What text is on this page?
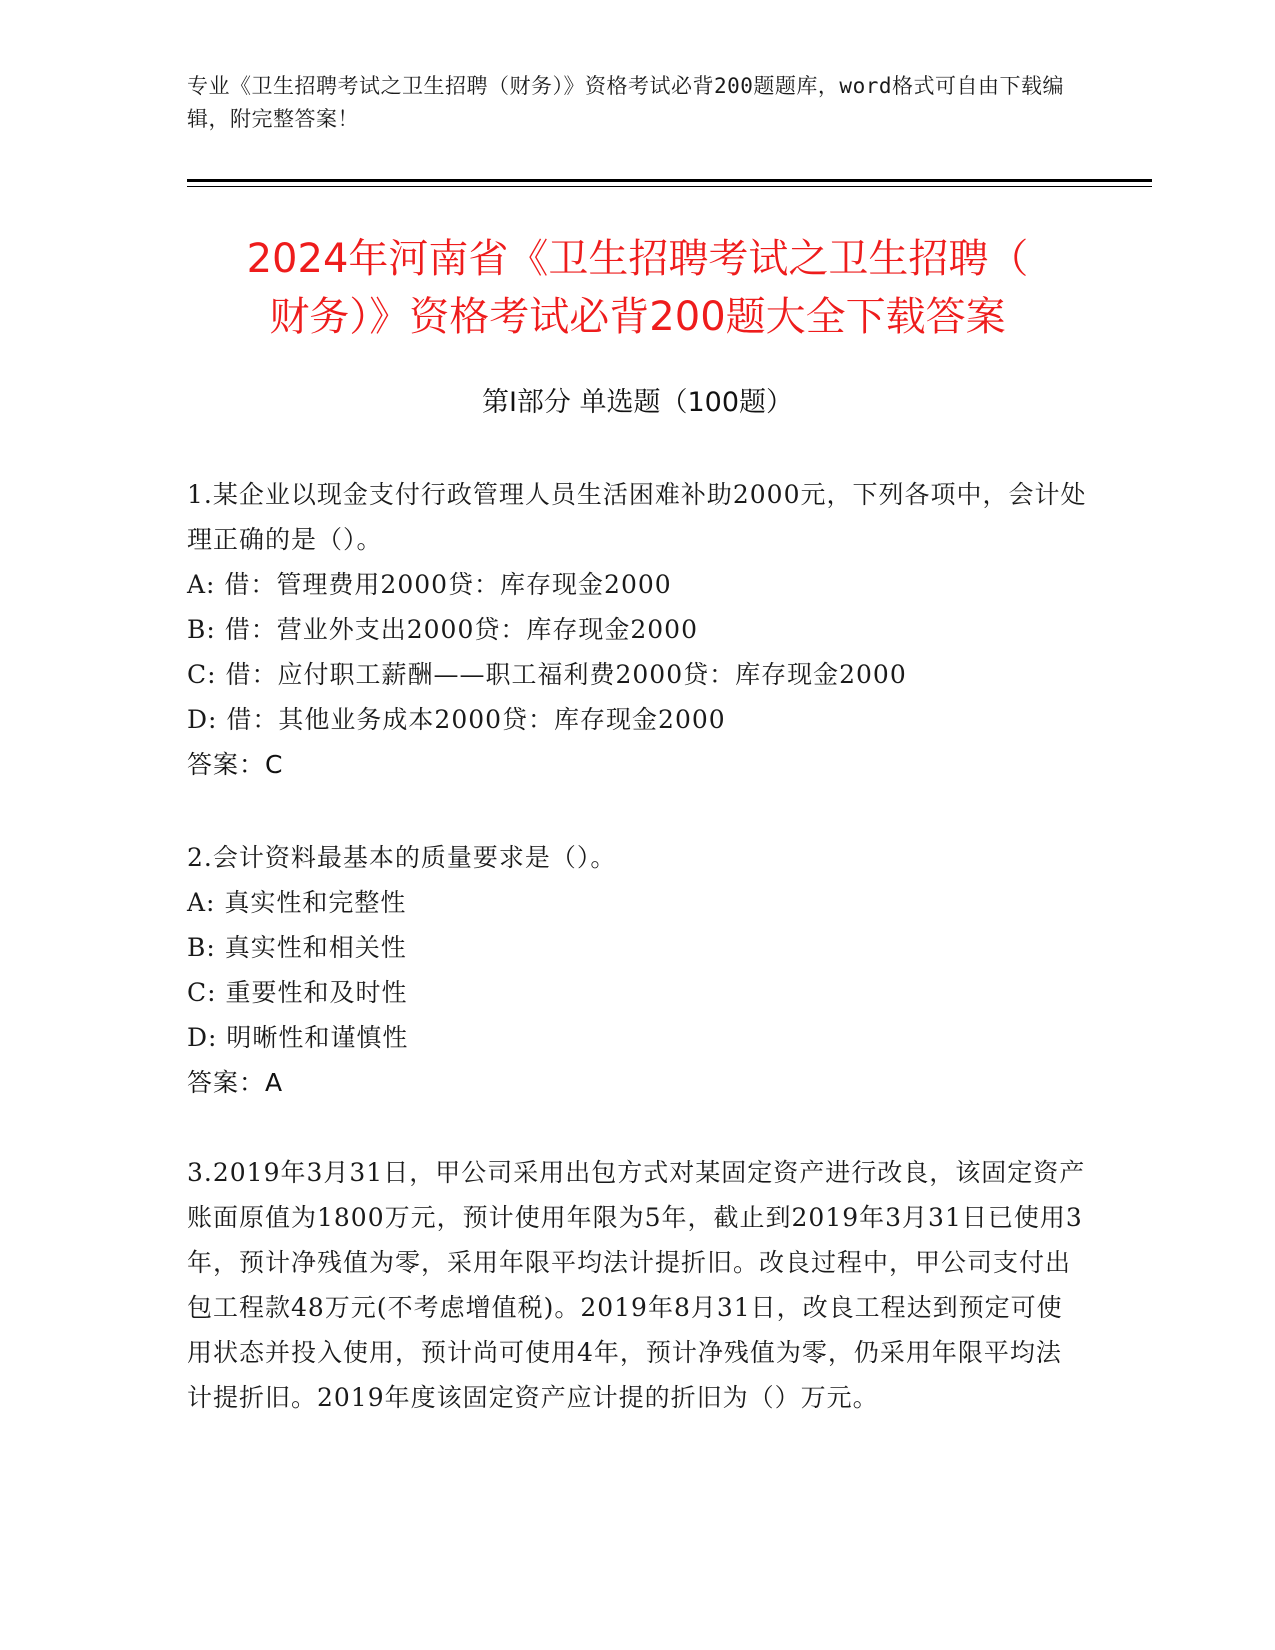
专业《卫生招聘考试之卫生招聘（财务）》资格考试必背200题题库，word格式可自由下载编辑，附完整答案！
2024年河南省《卫生招聘考试之卫生招聘（
财务）》资格考试必背200题大全下载答案
第I部分 单选题（100题）

1.某企业以现金支付行政管理人员生活困难补助2000元，下列各项中，会计处理正确的是（）。

A: 借：管理费用2000贷：库存现金2000

B: 借：营业外支出2000贷：库存现金2000

C: 借：应付职工薪酬——职工福利费2000贷：库存现金2000

D: 借：其他业务成本2000贷：库存现金2000

答案：C

2.会计资料最基本的质量要求是（）。

A: 真实性和完整性

B: 真实性和相关性

C: 重要性和及时性

D: 明晰性和谨慎性

答案：A

3.2019年3月31日，甲公司采用出包方式对某固定资产进行改良，该固定资产账面原值为1800万元，预计使用年限为5年，截止到2019年3月31日已使用3年，预计净残值为零，采用年限平均法计提折旧。改良过程中，甲公司支付出包工程款48万元(不考虑增值税)。2019年8月31日，改良工程达到预定可使用状态并投入使用，预计尚可使用4年，预计净残值为零，仍采用年限平均法计提折旧。2019年度该固定资产应计提的折旧为（）万元。
